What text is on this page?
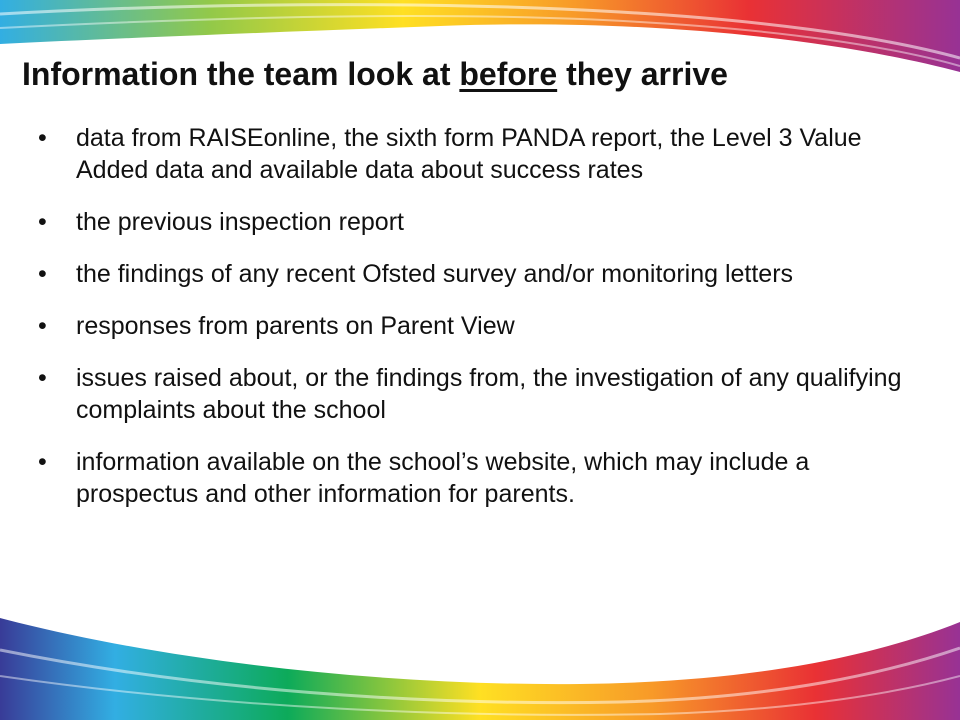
Information the team look at before they arrive
• data from RAISEonline, the sixth form PANDA report, the Level 3 Value Added data and available data about success rates
• the previous inspection report
• the findings of any recent Ofsted survey and/or monitoring letters
• responses from parents on Parent View
• issues raised about, or the findings from, the investigation of any qualifying complaints about the school
• information available on the school’s website, which may include a prospectus and other information for parents.
